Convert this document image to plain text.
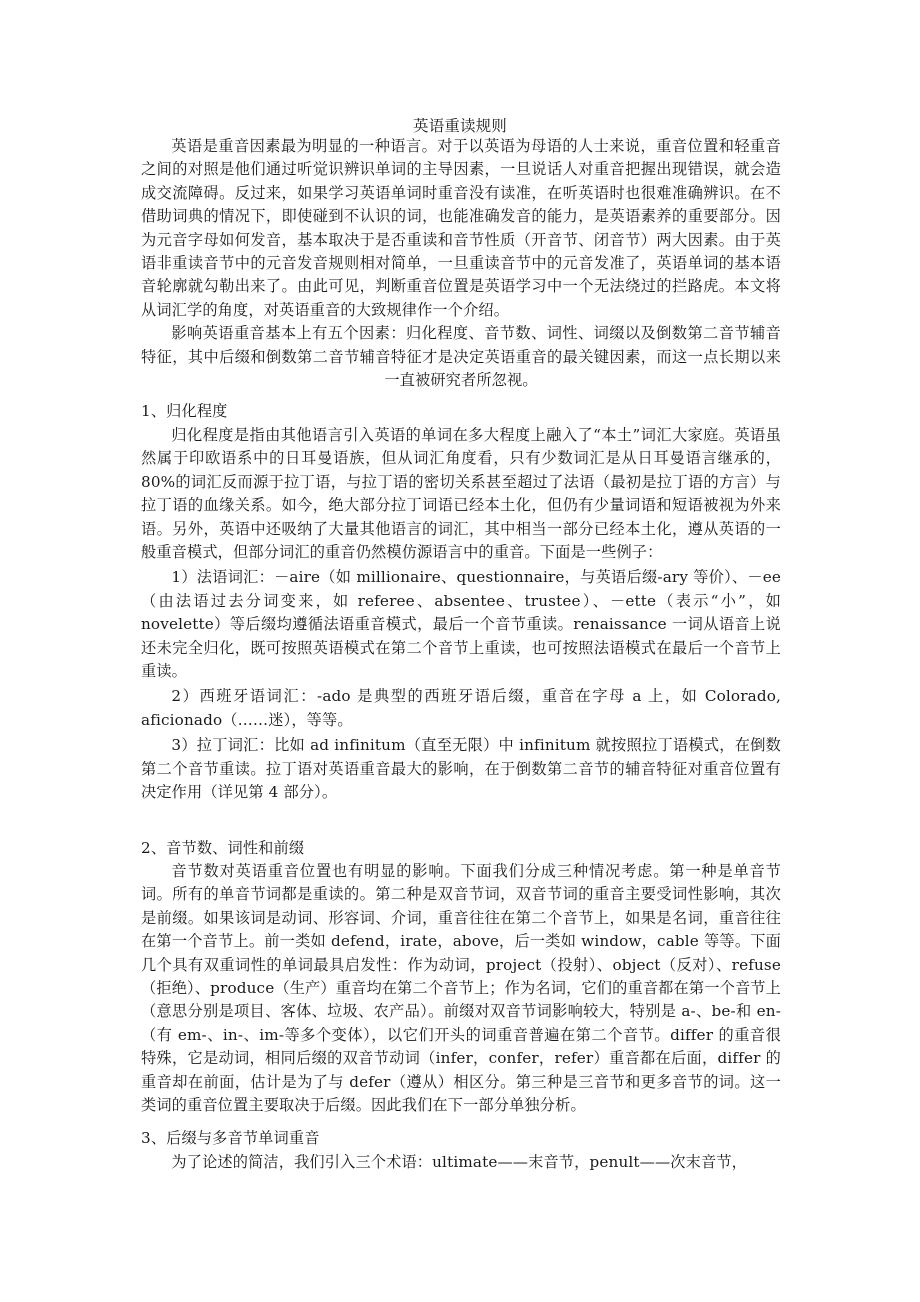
英语重读规则

英语是重音因素最为明显的一种语言。对于以英语为母语的人士来说，重音位置和轻重音之间的对照是他们通过听觉识辨识单词的主导因素，一旦说话人对重音把握出现错误，就会造成交流障碍。反过来，如果学习英语单词时重音没有读准，在听英语时也很难准确辨识。在不借助词典的情况下，即使碰到不认识的词，也能准确发音的能力，是英语素养的重要部分。因为元音字母如何发音，基本取决于是否重读和音节性质（开音节、闭音节）两大因素。由于英语非重读音节中的元音发音规则相对简单，一旦重读音节中的元音发准了，英语单词的基本语音轮廓就勾勒出来了。由此可见，判断重音位置是英语学习中一个无法绕过的拦路虎。本文将从词汇学的角度，对英语重音的大致规律作一个介绍。

影响英语重音基本上有五个因素：归化程度、音节数、词性、词缀以及倒数第二音节辅音特征，其中后缀和倒数第二音节辅音特征才是决定英语重音的最关键因素，而这一点长期以来一直被研究者所忽视。

1、归化程度

归化程度是指由其他语言引入英语的单词在多大程度上融入了“本土”词汇大家庭。英语虽然属于印欧语系中的日耳曼语族，但从词汇角度看，只有少数词汇是从日耳曼语言继承的，80%的词汇反而源于拉丁语，与拉丁语的密切关系甚至超过了法语（最初是拉丁语的方言）与拉丁语的血缘关系。如今，绝大部分拉丁词语已经本土化，但仍有少量词语和短语被视为外来语。另外，英语中还吸纳了大量其他语言的词汇，其中相当一部分已经本土化，遵从英语的一般重音模式，但部分词汇的重音仍然模仿源语言中的重音。下面是一些例子：

1）法语词汇：－aire（如 millionaire、questionnaire，与英语后缀-ary 等价）、－ee（由法语过去分词变来，如 referee、absentee、trustee）、－ette（表示“小”，如 novelette）等后缀均遵循法语重音模式，最后一个音节重读。renaissance 一词从语音上说还未完全归化，既可按照英语模式在第二个音节上重读，也可按照法语模式在最后一个音节上重读。

2）西班牙语词汇：-ado 是典型的西班牙语后缀，重音在字母 a 上，如 Colorado, aficionado（……迷），等等。

3）拉丁词汇：比如 ad infinitum（直至无限）中 infinitum 就按照拉丁语模式，在倒数第二个音节重读。拉丁语对英语重音最大的影响，在于倒数第二音节的辅音特征对重音位置有决定作用（详见第 4 部分）。

2、音节数、词性和前缀

音节数对英语重音位置也有明显的影响。下面我们分成三种情况考虑。第一种是单音节词。所有的单音节词都是重读的。第二种是双音节词，双音节词的重音主要受词性影响，其次是前缀。如果该词是动词、形容词、介词，重音往往在第二个音节上，如果是名词，重音往往在第一个音节上。前一类如 defend，irate，above，后一类如 window，cable 等等。下面几个具有双重词性的单词最具启发性：作为动词，project（投射）、object（反对）、refuse（拒绝）、produce（生产）重音均在第二个音节上；作为名词，它们的重音都在第一个音节上（意思分别是项目、客体、垃圾、农产品）。前缀对双音节词影响较大，特别是 a-、be-和 en-（有 em-、in-、im-等多个变体），以它们开头的词重音普遍在第二个音节。differ 的重音很特殊，它是动词，相同后缀的双音节动词（infer，confer，refer）重音都在后面，differ 的重音却在前面，估计是为了与 defer（遵从）相区分。第三种是三音节和更多音节的词。这一类词的重音位置主要取决于后缀。因此我们在下一部分单独分析。

3、后缀与多音节单词重音

为了论述的简洁，我们引入三个术语：ultimate——末音节，penult——次末音节，
